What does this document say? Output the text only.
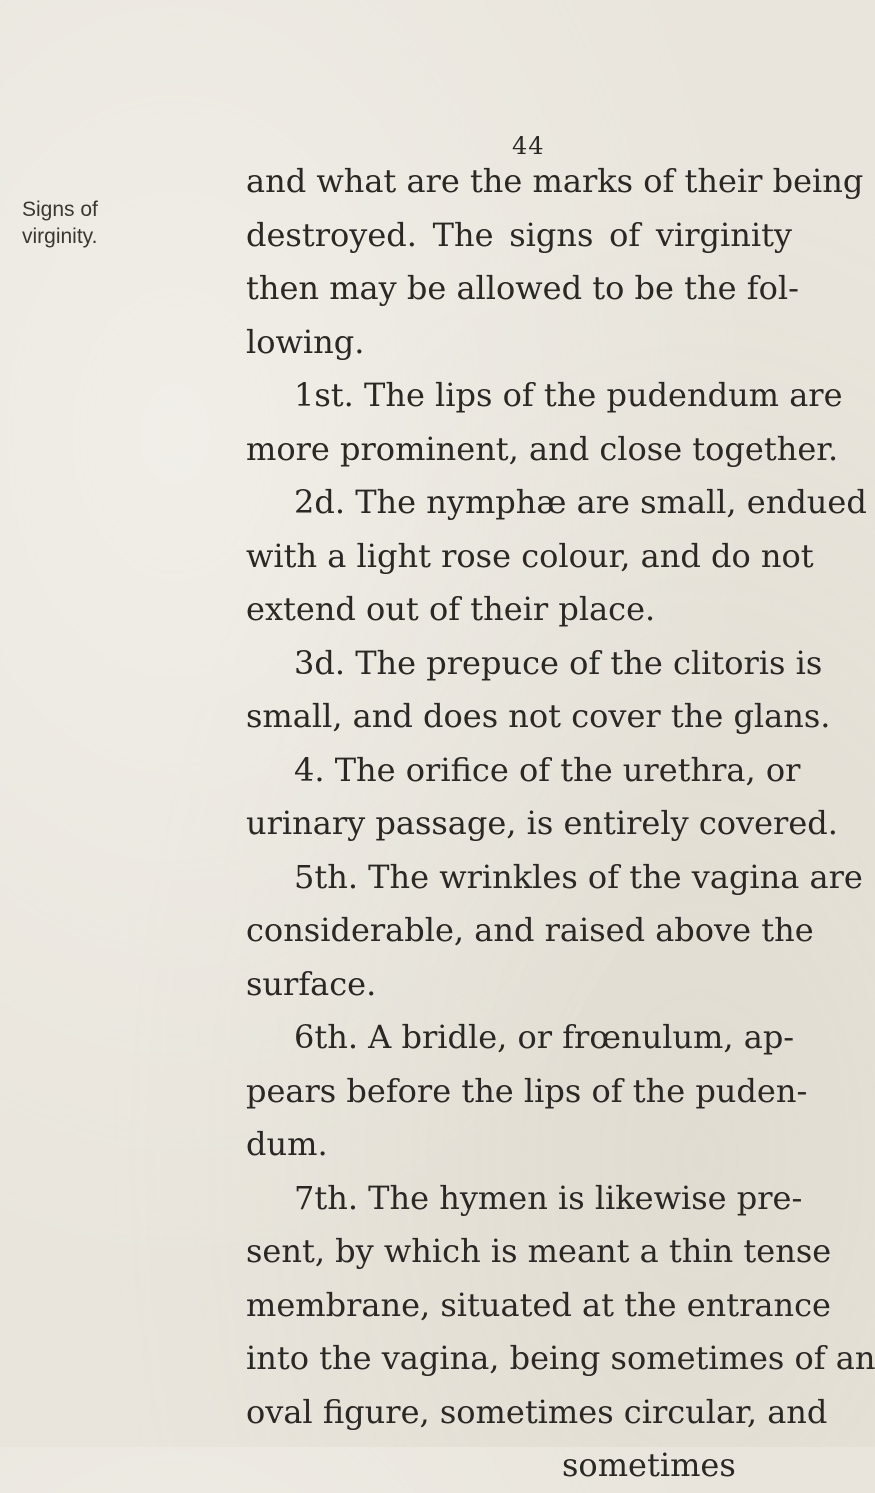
44
Signs of
virginity.
and what are the marks of their being
destroyed. The signs of virginity
then may be allowed to be the fol-
lowing.
1st. The lips of the pudendum are
more prominent, and close together.
2d. The nymphæ are small, endued
with a light rose colour, and do not
extend out of their place.
3d. The prepuce of the clitoris is
small, and does not cover the glans.
4. The orifice of the urethra, or
urinary passage, is entirely covered.
5th. The wrinkles of the vagina are
considerable, and raised above the
surface.
6th. A bridle, or frœnulum, ap-
pears before the lips of the puden-
dum.
7th. The hymen is likewise pre-
sent, by which is meant a thin tense
membrane, situated at the entrance
into the vagina, being sometimes of an
oval figure, sometimes circular, and
sometimes
